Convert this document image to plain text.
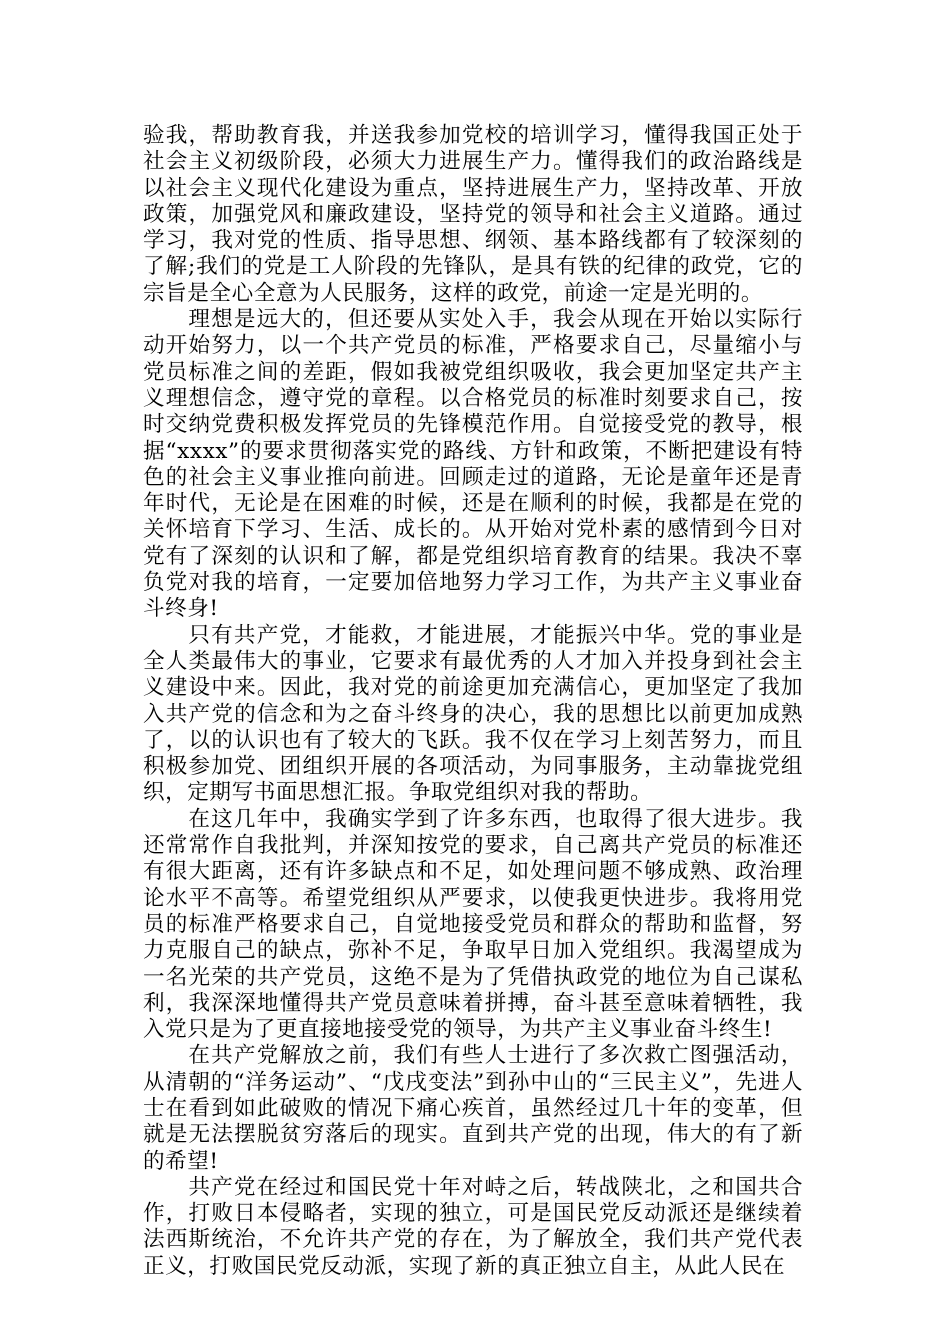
验我，帮助教育我，并送我参加党校的培训学习，懂得我国正处于社会主义初级阶段，必须大力进展生产力。懂得我们的政治路线是以社会主义现代化建设为重点，坚持进展生产力，坚持改革、开放政策，加强党风和廉政建设，坚持党的领导和社会主义道路。通过学习，我对党的性质、指导思想、纲领、基本路线都有了较深刻的了解;我们的党是工人阶段的先锋队，是具有铁的纪律的政党，它的宗旨是全心全意为人民服务，这样的政党，前途一定是光明的。

理想是远大的，但还要从实处入手，我会从现在开始以实际行动开始努力，以一个共产党员的标准，严格要求自己，尽量缩小与党员标准之间的差距，假如我被党组织吸收，我会更加坚定共产主义理想信念，遵守党的章程。以合格党员的标准时刻要求自己，按时交纳党费积极发挥党员的先锋模范作用。自觉接受党的教导，根据“xxxx”的要求贯彻落实党的路线、方针和政策，不断把建设有特色的社会主义事业推向前进。回顾走过的道路，无论是童年还是青年时代，无论是在困难的时候，还是在顺利的时候，我都是在党的关怀培育下学习、生活、成长的。从开始对党朴素的感情到今日对党有了深刻的认识和了解，都是党组织培育教育的结果。我决不辜负党对我的培育，一定要加倍地努力学习工作，为共产主义事业奋斗终身!

只有共产党，才能救，才能进展，才能振兴中华。党的事业是全人类最伟大的事业，它要求有最优秀的人才加入并投身到社会主义建设中来。因此，我对党的前途更加充满信心，更加坚定了我加入共产党的信念和为之奋斗终身的决心，我的思想比以前更加成熟了，以的认识也有了较大的飞跃。我不仅在学习上刻苦努力，而且积极参加党、团组织开展的各项活动，为同事服务，主动靠拢党组织，定期写书面思想汇报。争取党组织对我的帮助。

在这几年中，我确实学到了许多东西，也取得了很大进步。我还常常作自我批判，并深知按党的要求，自己离共产党员的标准还有很大距离，还有许多缺点和不足，如处理问题不够成熟、政治理论水平不高等。希望党组织从严要求，以使我更快进步。我将用党员的标准严格要求自己，自觉地接受党员和群众的帮助和监督，努力克服自己的缺点，弥补不足，争取早日加入党组织。我渴望成为一名光荣的共产党员，这绝不是为了凭借执政党的地位为自己谋私利，我深深地懂得共产党员意味着拼搏，奋斗甚至意味着牺牲，我入党只是为了更直接地接受党的领导，为共产主义事业奋斗终生!

在共产党解放之前，我们有些人士进行了多次救亡图强活动，从清朝的“洋务运动”、“戊戌变法”到孙中山的“三民主义”，先进人士在看到如此破败的情况下痛心疾首，虽然经过几十年的变革，但就是无法摆脱贫穷落后的现实。直到共产党的出现，伟大的有了新的希望!

共产党在经过和国民党十年对峙之后，转战陕北，之和国共合作，打败日本侵略者，实现的独立，可是国民党反动派还是继续着法西斯统治，不允许共产党的存在，为了解放全，我们共产党代表正义，打败国民党反动派，实现了新的真正独立自主，从此人民在
